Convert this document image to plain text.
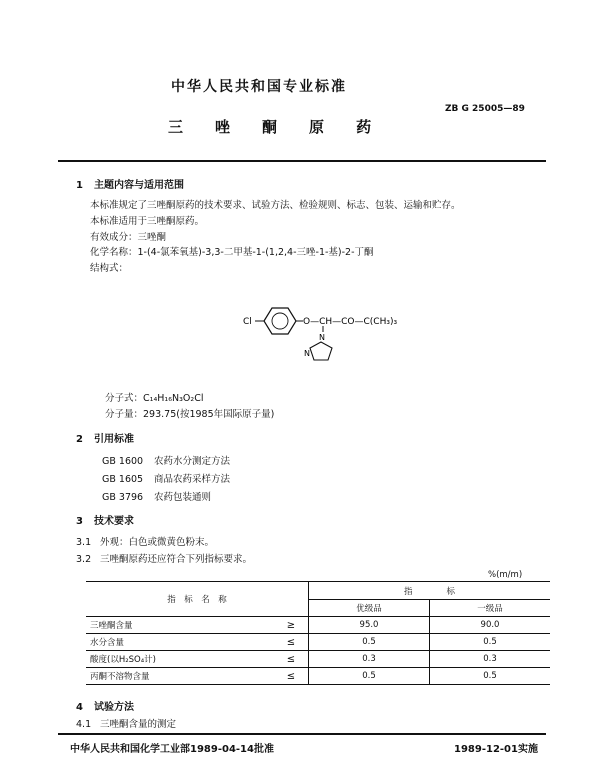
中华人民共和国专业标准
ZB G 25005—89
三 唑 酮 原 药
1 主题内容与适用范围
本标准规定了三唑酮原药的技术要求、试验方法、检验规则、标志、包装、运输和贮存。
本标准适用于三唑酮原药。
有效成分：三唑酮
化学名称：1-(4-氯苯氧基)-3,3-二甲基-1-(1,2,4-三唑-1-基)-2-丁酮
结构式：
Cl	O—CH—CO—C(CH₃)₃
N
N
分子式：C₁₄H₁₆N₃O₂Cl
分子量：293.75(按1985年国际原子量)
2 引用标准
GB 1600 农药水分测定方法
GB 1605 商品农药采样方法
GB 3796 农药包装通则
3 技术要求
3.1 外观：白色或微黄色粉末。
3.2 三唑酮原药还应符合下列指标要求。
%(m/m)
指　标　名　称		指　　　　标	
		优级品	一级品
三唑酮含量	≥	95.0	90.0
水分含量	≤	0.5	0.5
酸度(以H₂SO₄计)	≤	0.3	0.3
丙酮不溶物含量	≤	0.5	0.5
4 试验方法
4.1 三唑酮含量的测定
中华人民共和国化学工业部1989-04-14批准	1989-12-01实施
